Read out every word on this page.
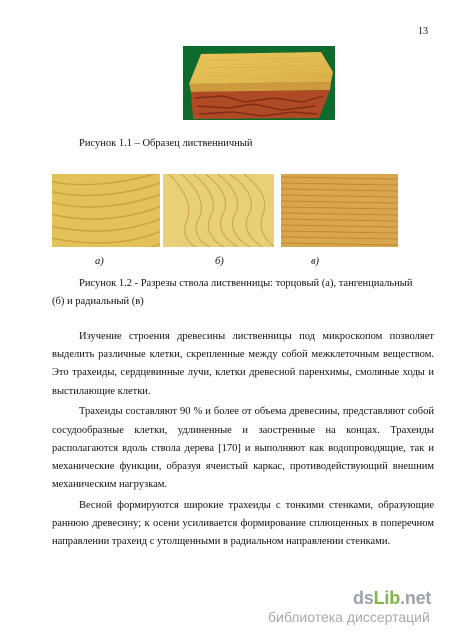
13
Рисунок 1.1 – Образец лиственничный
а)	б)	в)
Рисунок 1.2 - Разрезы ствола лиственницы: торцовый (а), тангенциальный
(б) и радиальный (в)

Изучение строения древесины лиственницы под микроскопом позволяет выделить различные клетки, скрепленные между собой межклеточным веществом. Это трахеиды, сердцевинные лучи, клетки древесной паренхимы, смоляные ходы и выстилающие клетки.

Трахеиды составляют 90 % и более от объема древесины, представляют собой сосудообразные клетки, удлиненные и заостренные на концах. Трахеиды располагаются вдоль ствола дерева [170] и выполняют как водопроводящие, так и механические функции, образуя ячеистый каркас, противодействующий внешним механическим нагрузкам.

Весной формируются широкие трахеиды с тонкими стенками, образующие раннюю древесину; к осени усиливается формирование сплющенных в поперечном направлении трахеид с утолщенными в радиальном направлении стенками.

dsLib.net
библиотека диссертаций
